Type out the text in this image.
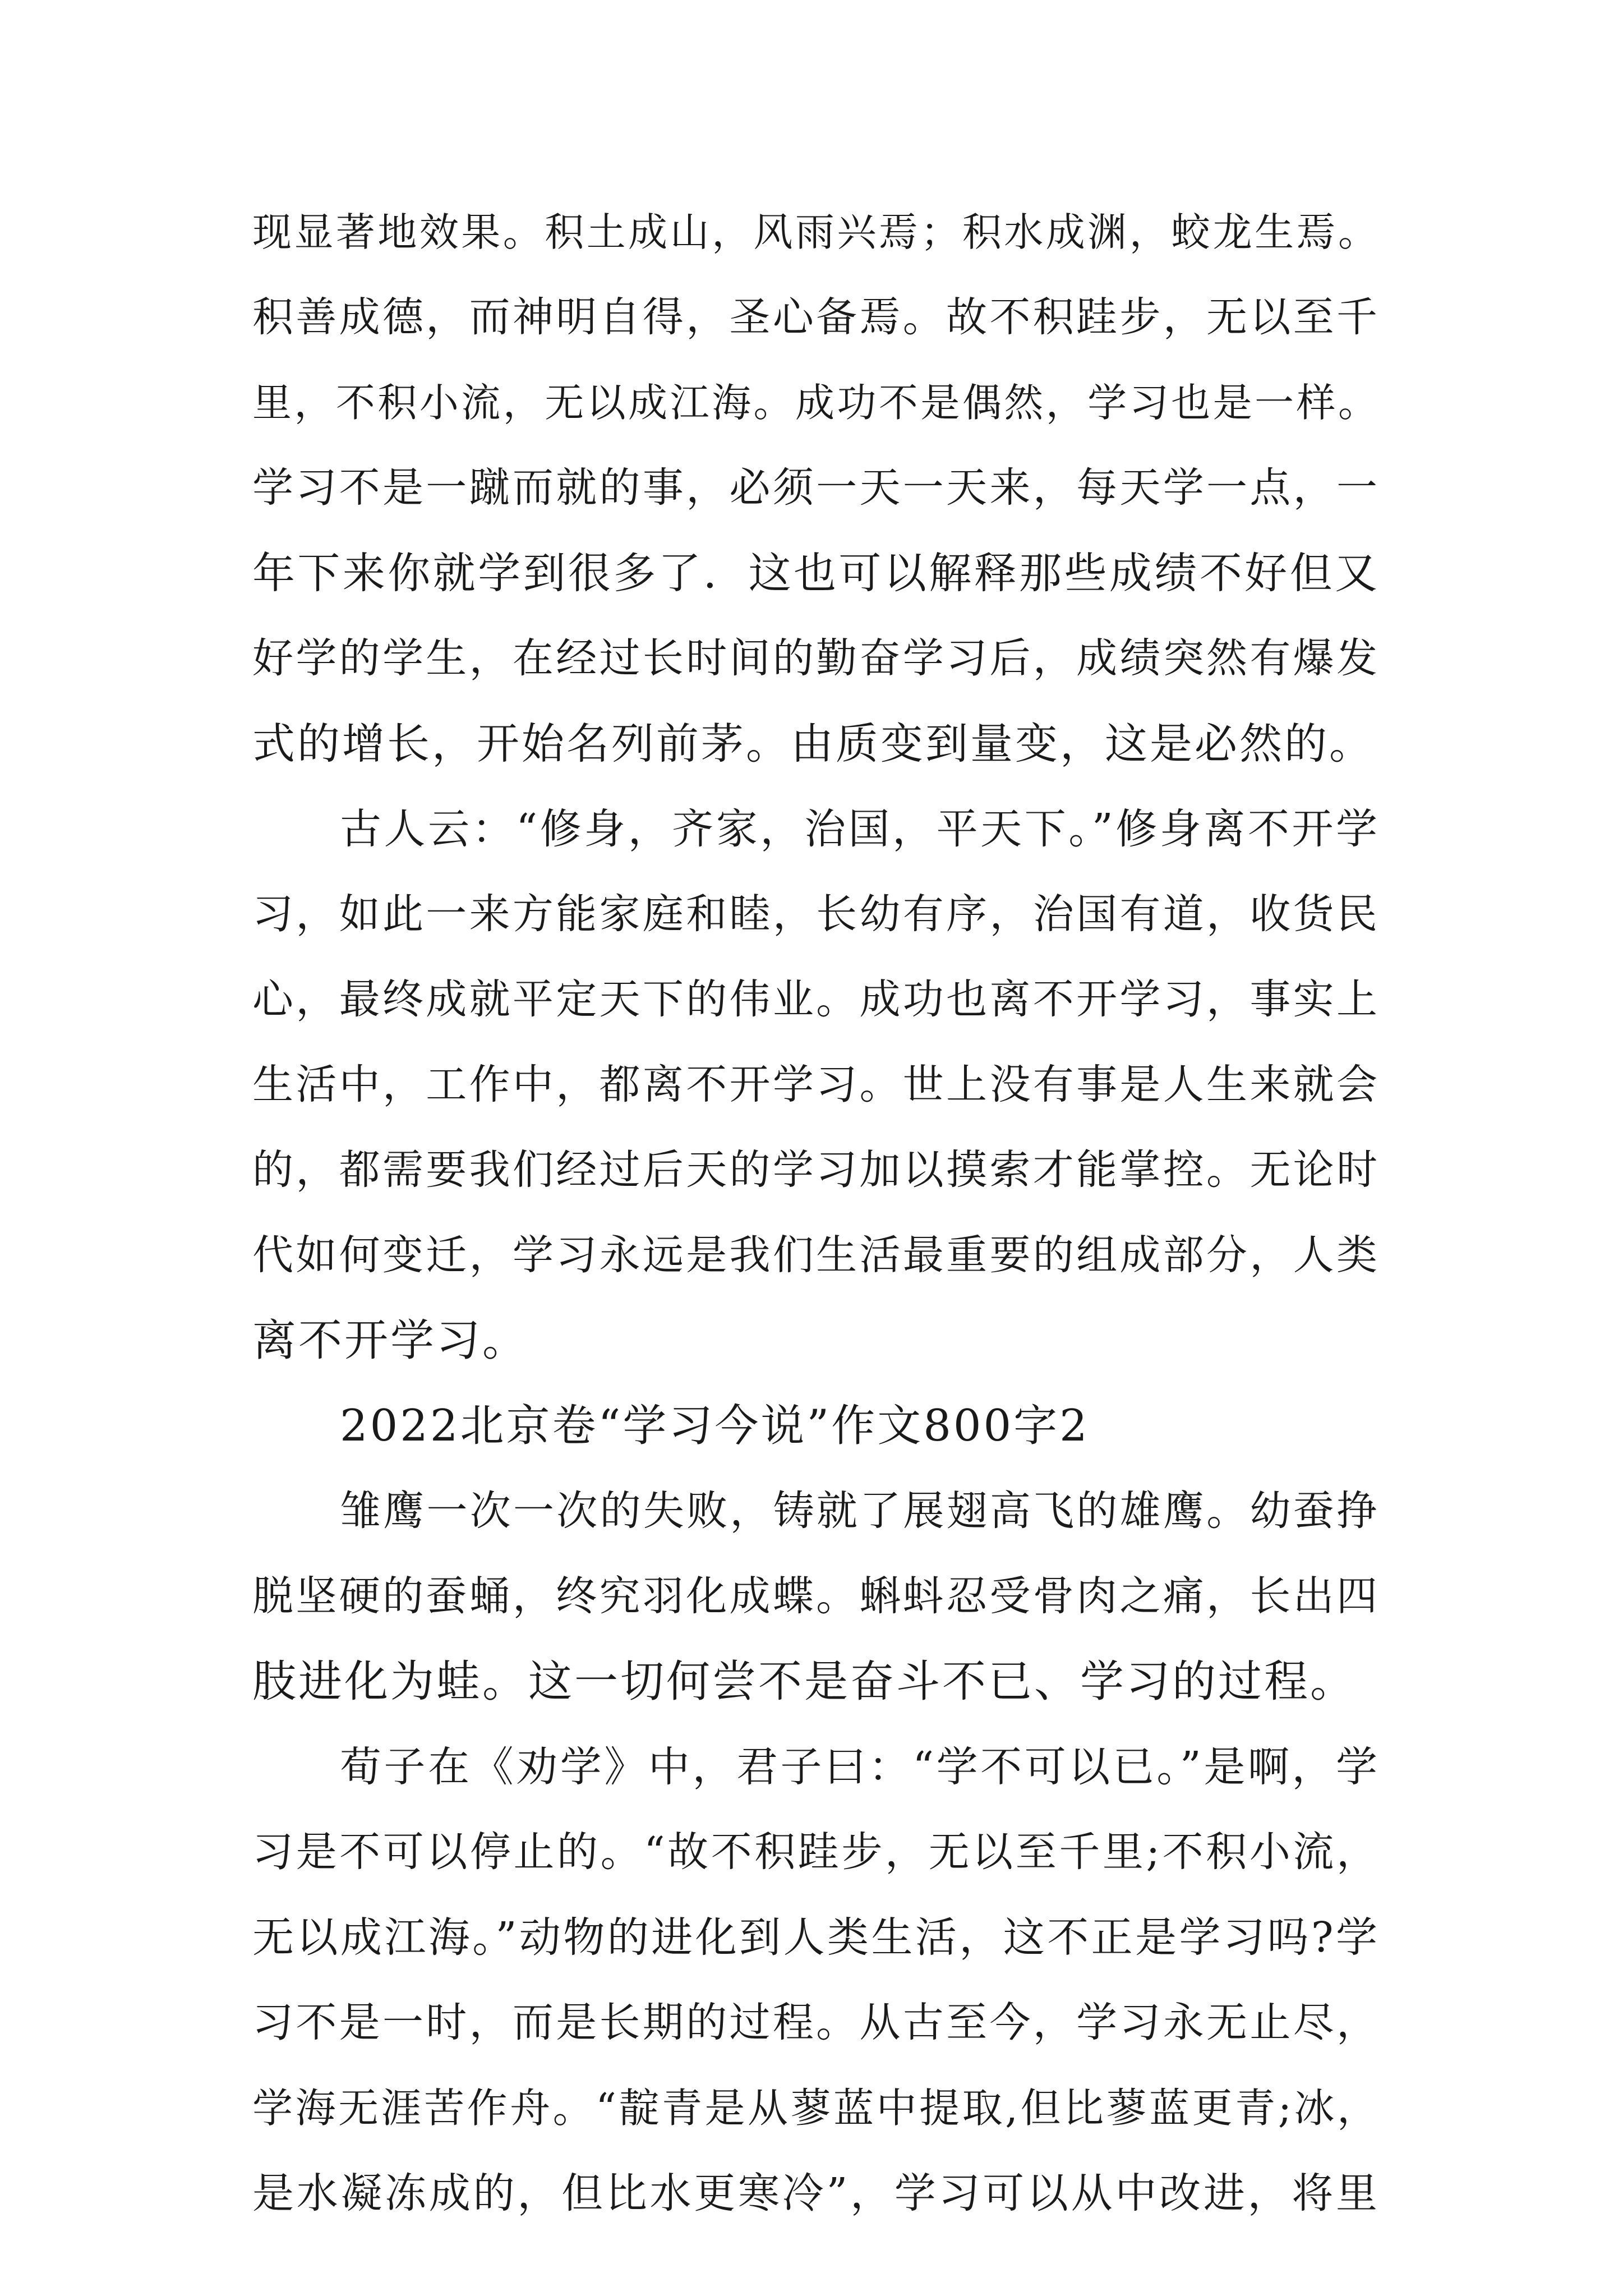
现显著地效果。积土成山，风雨兴焉；积水成渊，蛟龙生焉。
积善成德，而神明自得，圣心备焉。故不积跬步，无以至千
里，不积小流，无以成江海。成功不是偶然，学习也是一样。
学习不是一蹴而就的事，必须一天一天来，每天学一点，一
年下来你就学到很多了．这也可以解释那些成绩不好但又
好学的学生，在经过长时间的勤奋学习后，成绩突然有爆发
式的增长，开始名列前茅。由质变到量变，这是必然的。
古人云：“修身，齐家，治国，平天下。”修身离不开学
习，如此一来方能家庭和睦，长幼有序，治国有道，收货民
心，最终成就平定天下的伟业。成功也离不开学习，事实上
生活中，工作中，都离不开学习。世上没有事是人生来就会
的，都需要我们经过后天的学习加以摸索才能掌控。无论时
代如何变迁，学习永远是我们生活最重要的组成部分，人类
离不开学习。
2022北京卷“学习今说”作文800字2
雏鹰一次一次的失败，铸就了展翅高飞的雄鹰。幼蚕挣
脱坚硬的蚕蛹，终究羽化成蝶。蝌蚪忍受骨肉之痛，长出四
肢进化为蛙。这一切何尝不是奋斗不已、学习的过程。
荀子在《劝学》中，君子曰：“学不可以已。”是啊，学
习是不可以停止的。“故不积跬步，无以至千里;不积小流，
无以成江海。”动物的进化到人类生活，这不正是学习吗?学
习不是一时，而是长期的过程。从古至今，学习永无止尽，
学海无涯苦作舟。“靛青是从蓼蓝中提取,但比蓼蓝更青;冰，
是水凝冻成的，但比水更寒冷”，学习可以从中改进，将里
